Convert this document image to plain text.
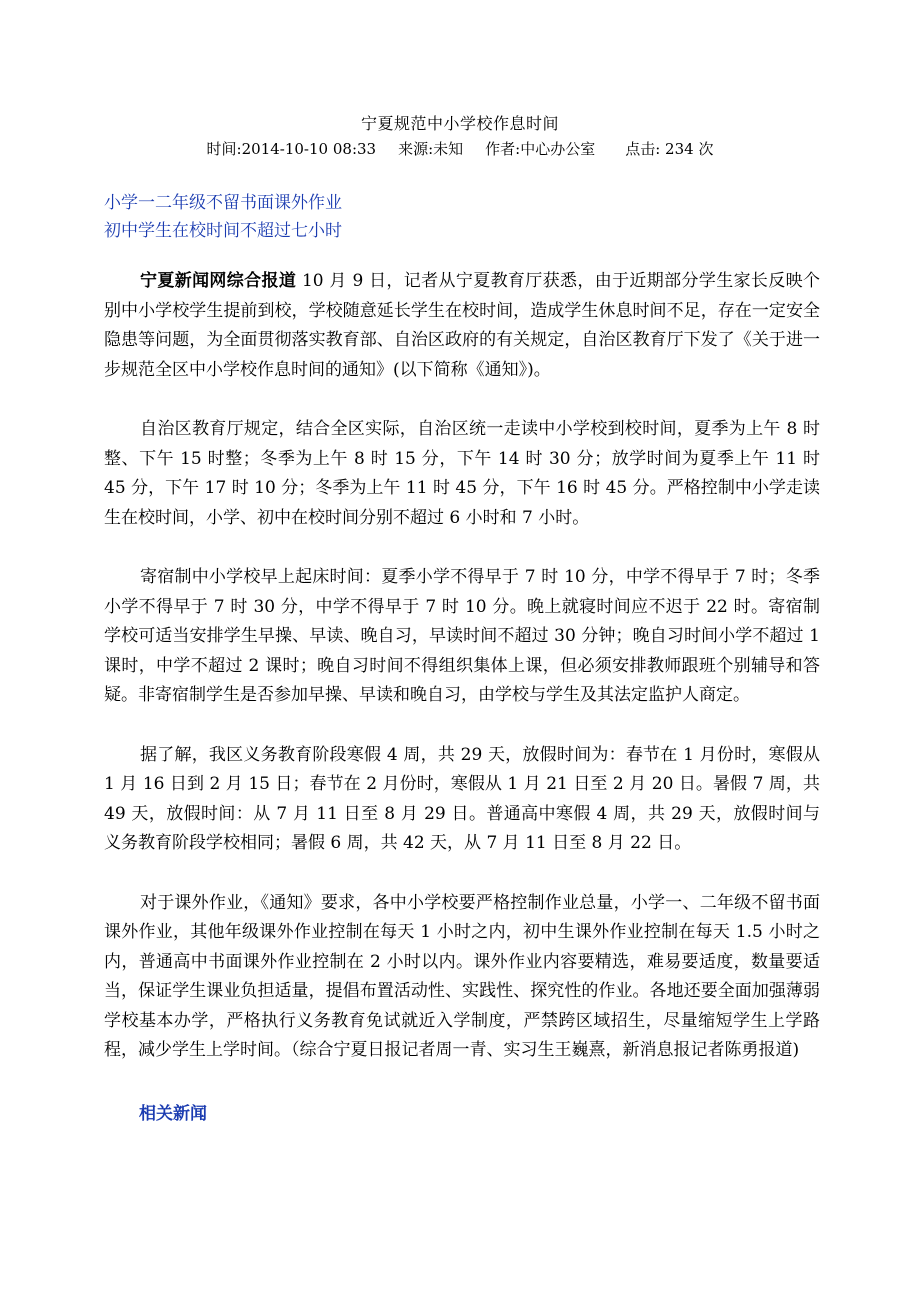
宁夏规范中小学校作息时间
时间:2014-10-10 08:33 来源:未知 作者:中心办公室 点击: 234 次
小学一二年级不留书面课外作业
初中学生在校时间不超过七小时

宁夏新闻网综合报道 10 月 9 日，记者从宁夏教育厅获悉，由于近期部分学生家长反映个别中小学校学生提前到校，学校随意延长学生在校时间，造成学生休息时间不足，存在一定安全隐患等问题，为全面贯彻落实教育部、自治区政府的有关规定，自治区教育厅下发了《关于进一步规范全区中小学校作息时间的通知》(以下简称《通知》)。

自治区教育厅规定，结合全区实际，自治区统一走读中小学校到校时间，夏季为上午 8 时整、下午 15 时整；冬季为上午 8 时 15 分，下午 14 时 30 分；放学时间为夏季上午 11 时 45 分，下午 17 时 10 分；冬季为上午 11 时 45 分，下午 16 时 45 分。严格控制中小学走读生在校时间，小学、初中在校时间分别不超过 6 小时和 7 小时。

寄宿制中小学校早上起床时间：夏季小学不得早于 7 时 10 分，中学不得早于 7 时；冬季小学不得早于 7 时 30 分，中学不得早于 7 时 10 分。晚上就寝时间应不迟于 22 时。寄宿制学校可适当安排学生早操、早读、晚自习，早读时间不超过 30 分钟；晚自习时间小学不超过 1 课时，中学不超过 2 课时；晚自习时间不得组织集体上课，但必须安排教师跟班个别辅导和答疑。非寄宿制学生是否参加早操、早读和晚自习，由学校与学生及其法定监护人商定。

据了解，我区义务教育阶段寒假 4 周，共 29 天，放假时间为：春节在 1 月份时，寒假从 1 月 16 日到 2 月 15 日；春节在 2 月份时，寒假从 1 月 21 日至 2 月 20 日。暑假 7 周，共 49 天，放假时间：从 7 月 11 日至 8 月 29 日。普通高中寒假 4 周，共 29 天，放假时间与义务教育阶段学校相同；暑假 6 周，共 42 天，从 7 月 11 日至 8 月 22 日。

对于课外作业，《通知》要求，各中小学校要严格控制作业总量，小学一、二年级不留书面课外作业，其他年级课外作业控制在每天 1 小时之内，初中生课外作业控制在每天 1.5 小时之内，普通高中书面课外作业控制在 2 小时以内。课外作业内容要精选，难易要适度，数量要适当，保证学生课业负担适量，提倡布置活动性、实践性、探究性的作业。各地还要全面加强薄弱学校基本办学，严格执行义务教育免试就近入学制度，严禁跨区域招生，尽量缩短学生上学路程，减少学生上学时间。（综合宁夏日报记者周一青、实习生王巍熹，新消息报记者陈勇报道)

相关新闻
